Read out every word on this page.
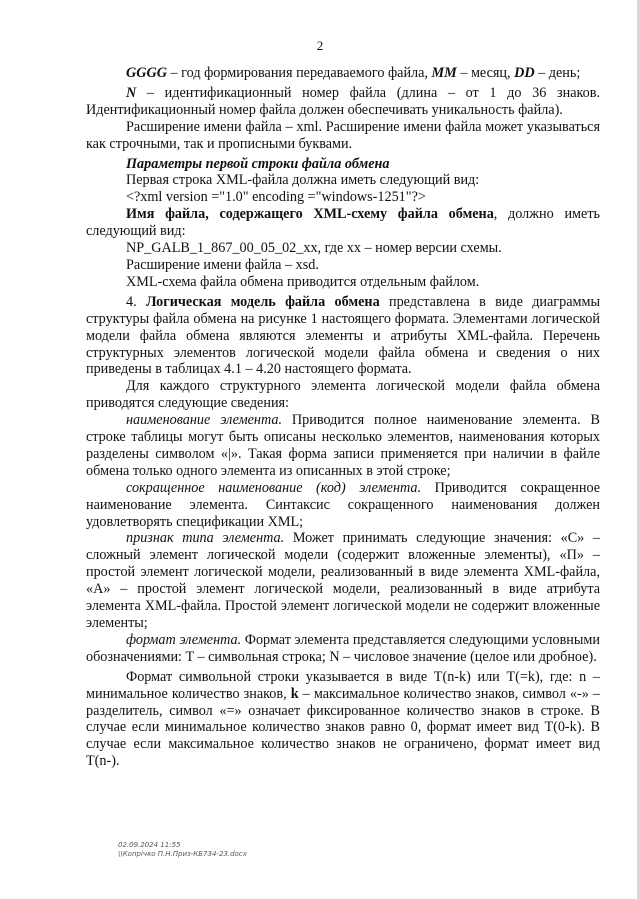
2

GGGG – год формирования передаваемого файла, MM – месяц, DD – день;

N – идентификационный номер файла (длина – от 1 до 36 знаков. Идентификационный номер файла должен обеспечивать уникальность файла).

Расширение имени файла – xml. Расширение имени файла может указываться как строчными, так и прописными буквами.

Параметры первой строки файла обмена

Первая строка XML-файла должна иметь следующий вид:

<?xml version ="1.0" encoding ="windows-1251"?>

Имя файла, содержащего XML-схему файла обмена, должно иметь следующий вид:

NP_GALB_1_867_00_05_02_xx, где xx – номер версии схемы.

Расширение имени файла – xsd.

XML-схема файла обмена приводится отдельным файлом.

4. Логическая модель файла обмена представлена в виде диаграммы структуры файла обмена на рисунке 1 настоящего формата. Элементами логической модели файла обмена являются элементы и атрибуты XML-файла. Перечень структурных элементов логической модели файла обмена и сведения о них приведены в таблицах 4.1 – 4.20 настоящего формата.

Для каждого структурного элемента логической модели файла обмена приводятся следующие сведения:

наименование элемента. Приводится полное наименование элемента. В строке таблицы могут быть описаны несколько элементов, наименования которых разделены символом «|». Такая форма записи применяется при наличии в файле обмена только одного элемента из описанных в этой строке;

сокращенное наименование (код) элемента. Приводится сокращенное наименование элемента. Синтаксис сокращенного наименования должен удовлетворять спецификации XML;

признак типа элемента. Может принимать следующие значения: «С» – сложный элемент логической модели (содержит вложенные элементы), «П» – простой элемент логической модели, реализованный в виде элемента XML-файла, «А» – простой элемент логической модели, реализованный в виде атрибута элемента XML-файла. Простой элемент логической модели не содержит вложенные элементы;

формат элемента. Формат элемента представляется следующими условными обозначениями: T – символьная строка; N – числовое значение (целое или дробное).

Формат символьной строки указывается в виде T(n-k) или T(=k), где: n – минимальное количество знаков, k – максимальное количество знаков, символ «-» – разделитель, символ «=» означает фиксированное количество знаков в строке. В случае если минимальное количество знаков равно 0, формат имеет вид T(0-k). В случае если максимальное количество знаков не ограничено, формат имеет вид T(n-).

02.09.2024 11:55
\\Копрічко П.Н.Приз-КБ734-23.docx
